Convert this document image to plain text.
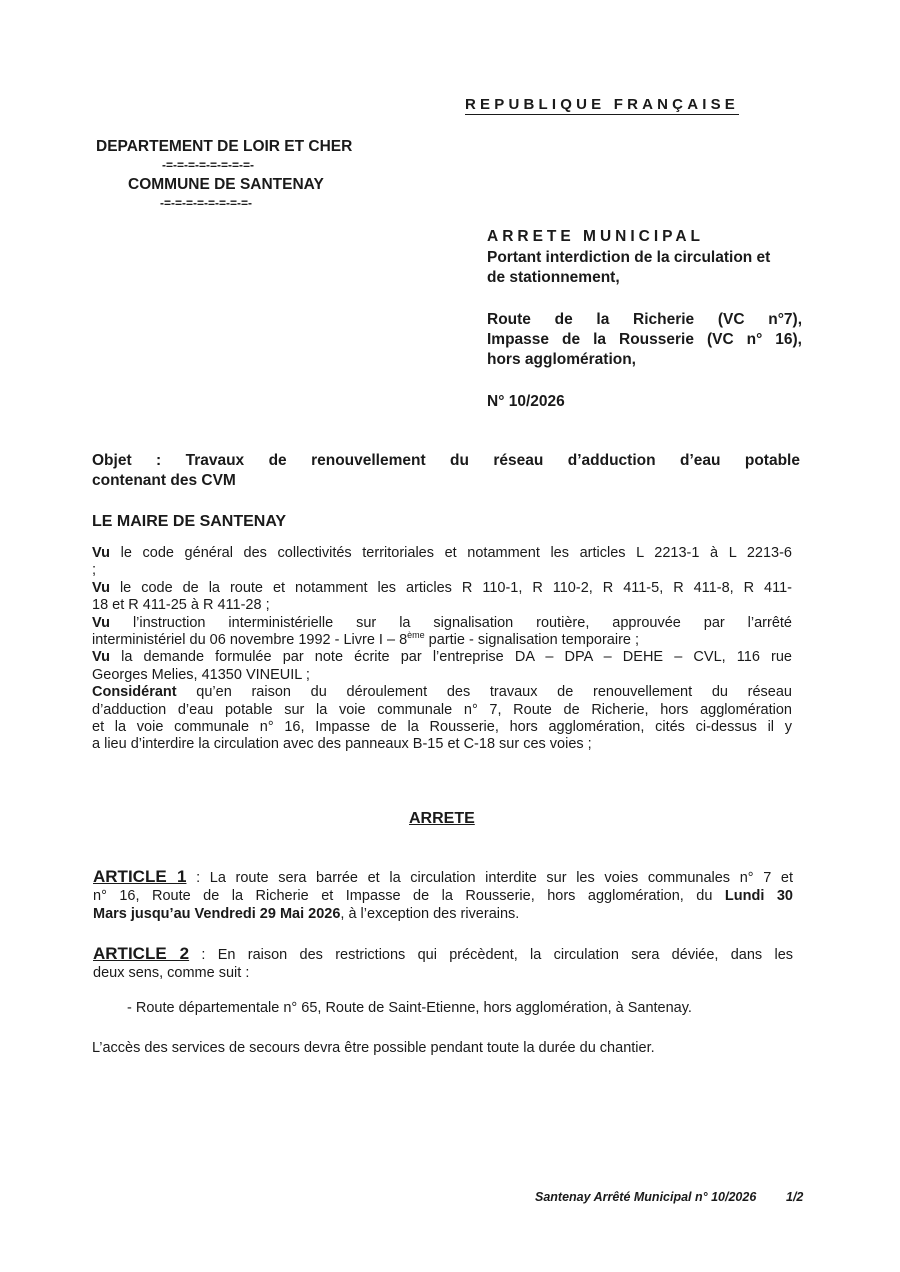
REPUBLIQUE FRANÇAISE
DEPARTEMENT DE LOIR ET CHER
-=-=-=-=-=-=-=-=-
COMMUNE DE SANTENAY
-=-=-=-=-=-=-=-=-
ARRETE MUNICIPAL
Portant interdiction de la circulation et de stationnement,
Route de la Richerie (VC n°7),
Impasse de la Rousserie (VC n° 16),
hors agglomération,
N° 10/2026
Objet : Travaux de renouvellement du réseau d’adduction d’eau potable
contenant des CVM
LE MAIRE DE SANTENAY
Vu le code général des collectivités territoriales et notamment les articles L 2213-1 à L 2213-6
;
Vu le code de la route et notamment les articles R 110-1, R 110-2, R 411-5, R 411-8, R 411-
18 et R 411-25 à R 411-28 ;
Vu l’instruction interministérielle sur la signalisation routière, approuvée par l’arrêté
interministériel du 06 novembre 1992 - Livre I – 8ème partie - signalisation temporaire ;
Vu la demande formulée par note écrite par l’entreprise DA – DPA – DEHE – CVL, 116 rue
Georges Melies, 41350 VINEUIL ;
Considérant qu’en raison du déroulement des travaux de renouvellement du réseau
d’adduction d’eau potable sur la voie communale n° 7, Route de Richerie, hors agglomération
et la voie communale n° 16, Impasse de la Rousserie, hors agglomération, cités ci-dessus il y
a lieu d’interdire la circulation avec des panneaux B-15 et C-18 sur ces voies ;
ARRETE
ARTICLE 1 : La route sera barrée et la circulation interdite sur les voies communales n° 7 et
n° 16, Route de la Richerie et Impasse de la Rousserie, hors agglomération, du Lundi 30
Mars jusqu’au Vendredi 29 Mai 2026, à l’exception des riverains.
ARTICLE 2 : En raison des restrictions qui précèdent, la circulation sera déviée, dans les
deux sens, comme suit :
- Route départementale n° 65, Route de Saint-Etienne, hors agglomération, à Santenay.
L’accès des services de secours devra être possible pendant toute la durée du chantier.
Santenay Arrêté Municipal n° 10/2026 1/2
